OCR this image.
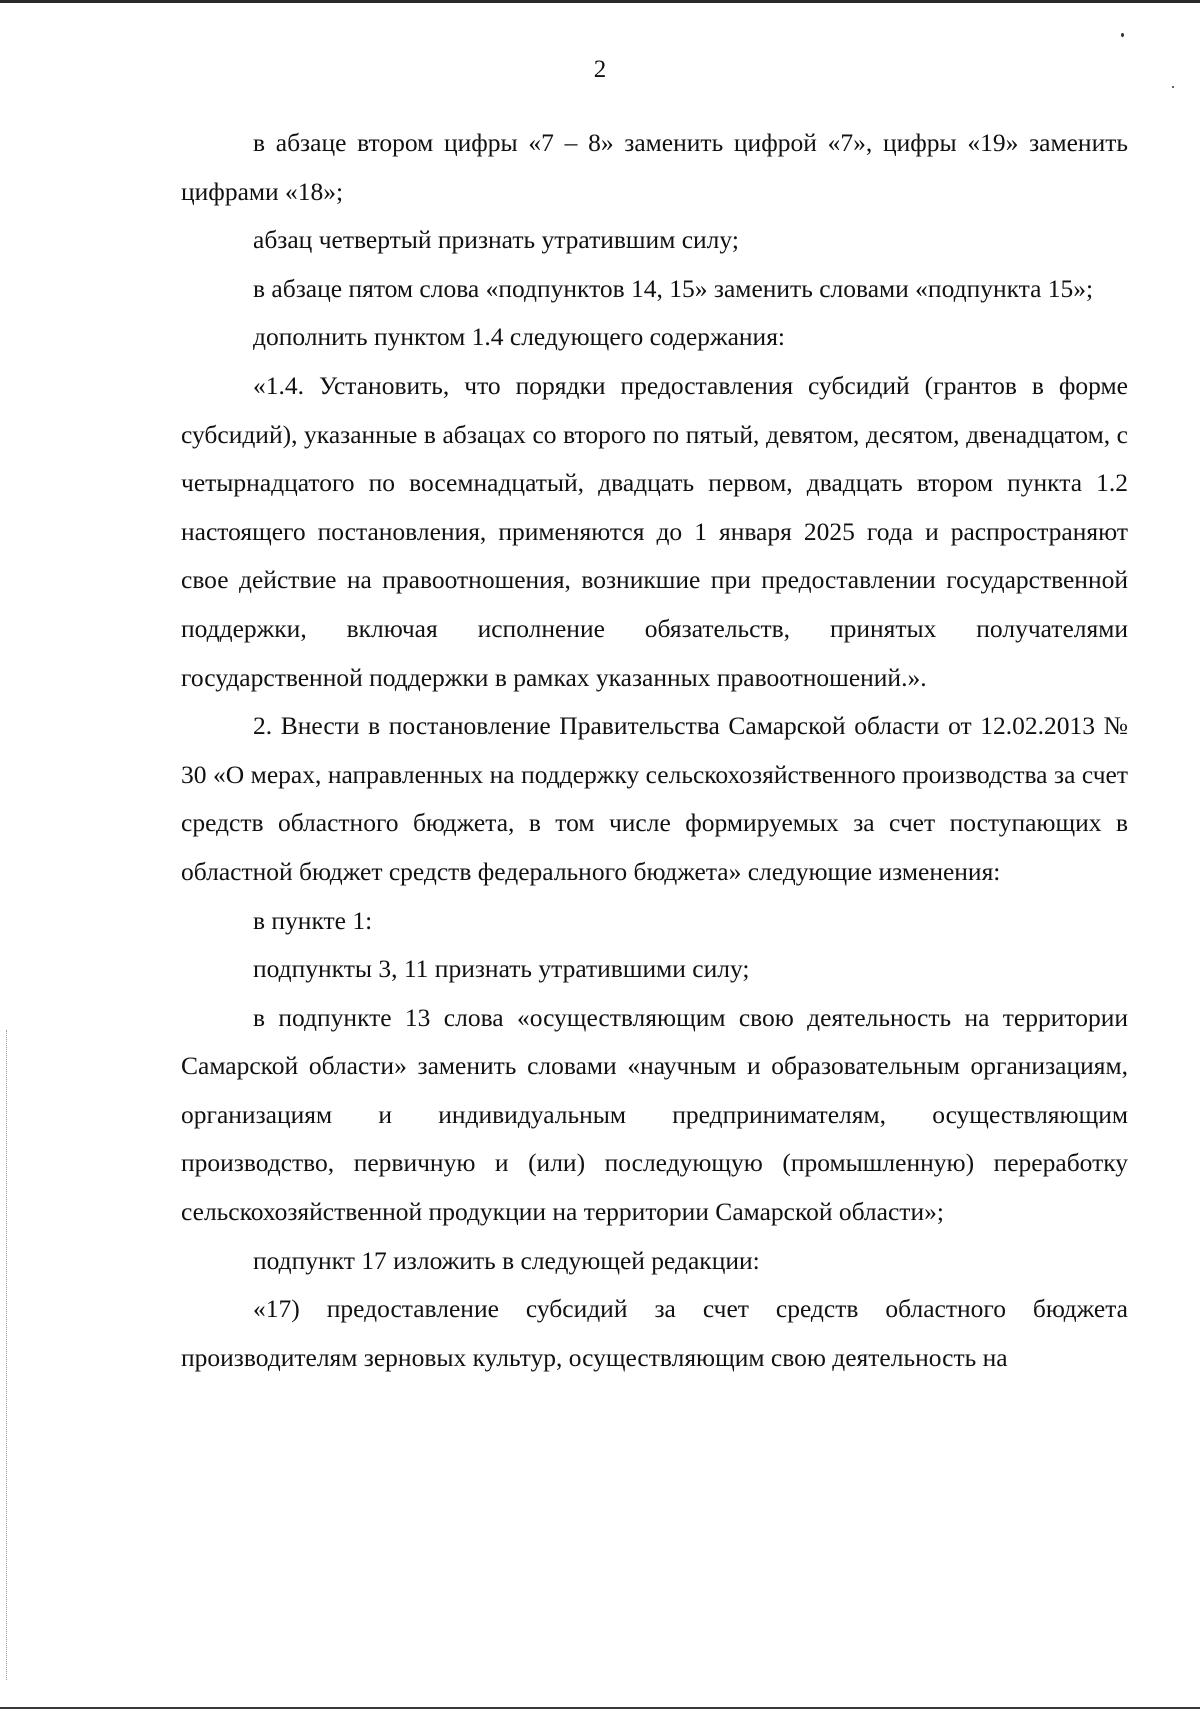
2

в абзаце втором цифры «7 – 8» заменить цифрой «7», цифры «19» заменить цифрами «18»;

абзац четвертый признать утратившим силу;

в абзаце пятом слова «подпунктов 14, 15» заменить словами «подпункта 15»;

дополнить пунктом 1.4 следующего содержания:

«1.4. Установить, что порядки предоставления субсидий (грантов в форме субсидий), указанные в абзацах со второго по пятый, девятом, десятом, двенадцатом, с четырнадцатого по восемнадцатый, двадцать первом, двадцать втором пункта 1.2 настоящего постановления, применяются до 1 января 2025 года и распространяют свое действие на правоотношения, возникшие при предоставлении государственной поддержки, включая исполнение обязательств, принятых получателями государственной поддержки в рамках указанных правоотношений.».

2. Внести в постановление Правительства Самарской области от 12.02.2013 № 30 «О мерах, направленных на поддержку сельскохозяйственного производства за счет средств областного бюджета, в том числе формируемых за счет поступающих в областной бюджет средств федерального бюджета» следующие изменения:

в пункте 1:

подпункты 3, 11 признать утратившими силу;

в подпункте 13 слова «осуществляющим свою деятельность на территории Самарской области» заменить словами «научным и образовательным организациям, организациям и индивидуальным предпринимателям, осуществляющим производство, первичную и (или) последующую (промышленную) переработку сельскохозяйственной продукции на территории Самарской области»;

подпункт 17 изложить в следующей редакции:

«17) предоставление субсидий за счет средств областного бюджета производителям зерновых культур, осуществляющим свою деятельность на
